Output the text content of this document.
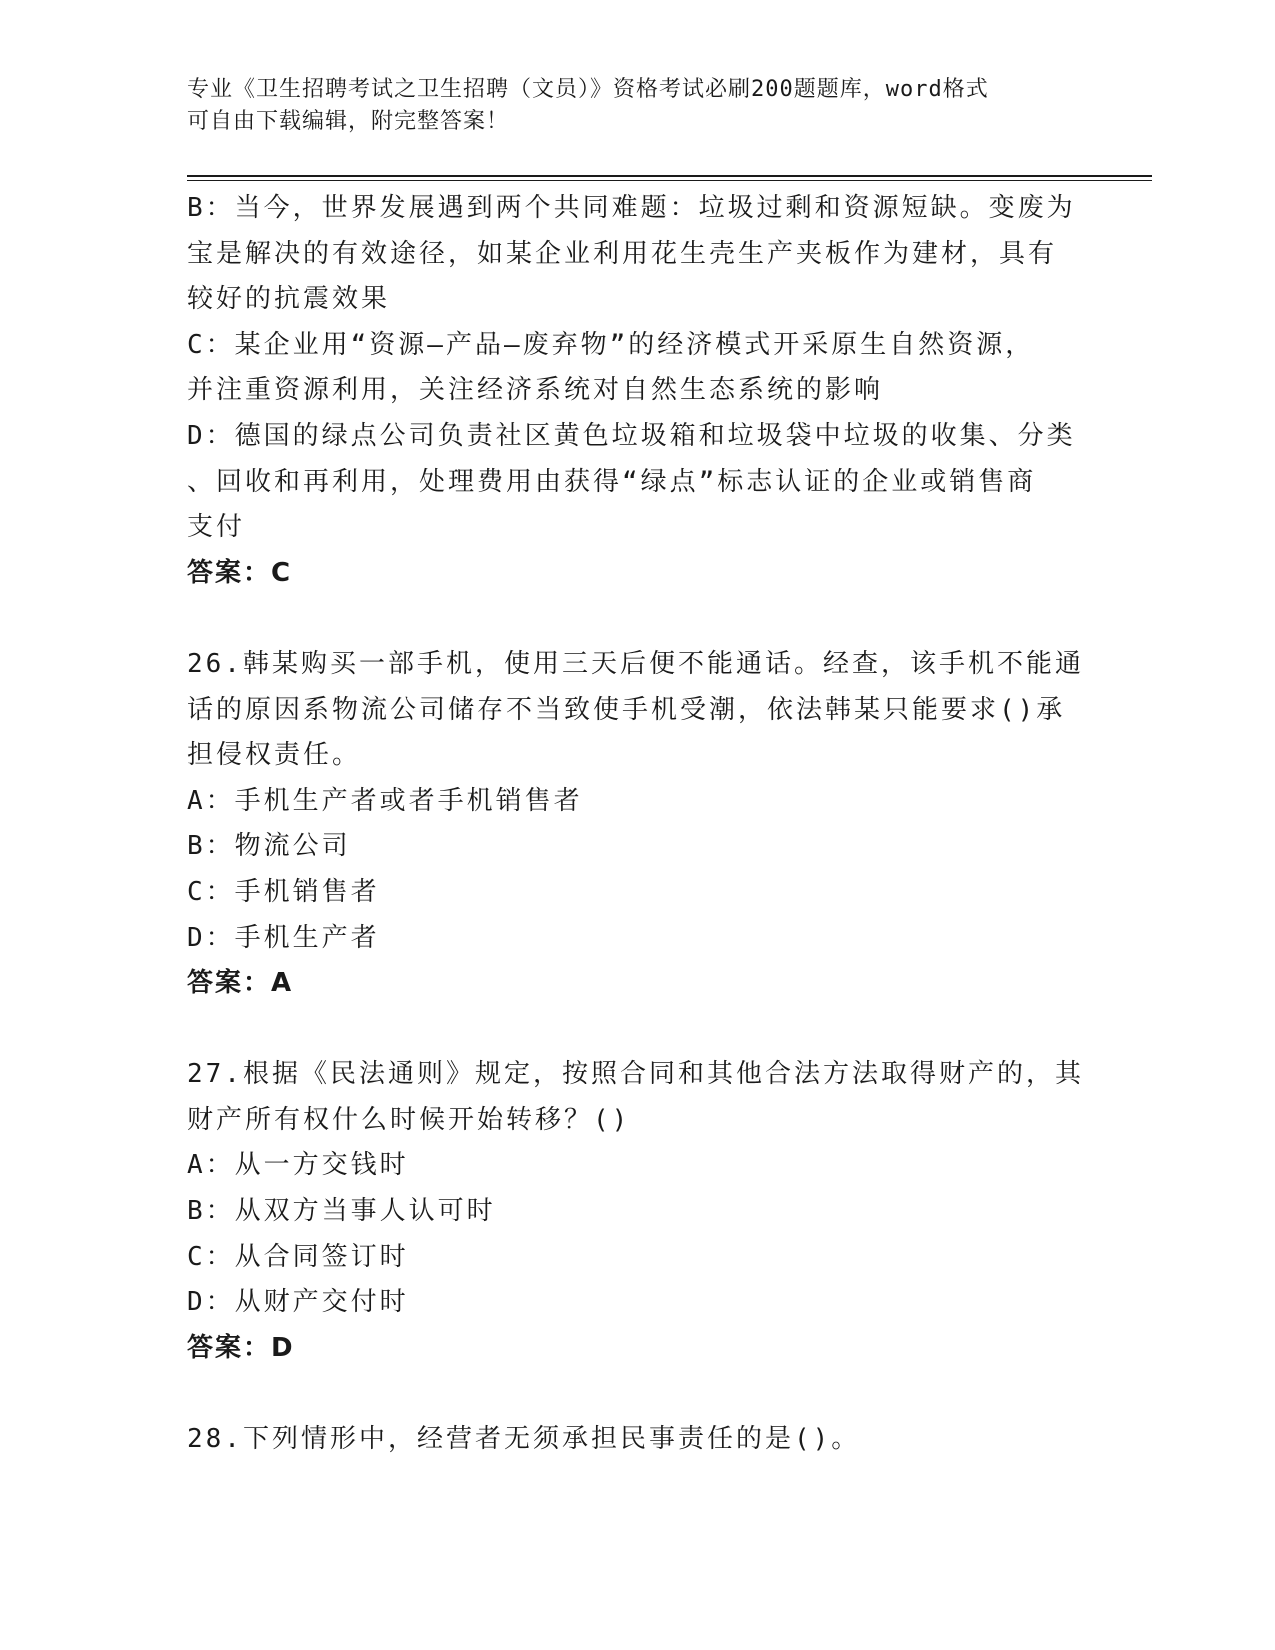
专业《卫生招聘考试之卫生招聘（文员）》资格考试必刷200题题库，word格式
可自由下载编辑，附完整答案！
B：当今，世界发展遇到两个共同难题：垃圾过剩和资源短缺。变废为
宝是解决的有效途径，如某企业利用花生壳生产夹板作为建材，具有
较好的抗震效果
C：某企业用“资源—产品—废弃物”的经济模式开采原生自然资源，
并注重资源利用，关注经济系统对自然生态系统的影响
D：德国的绿点公司负责社区黄色垃圾箱和垃圾袋中垃圾的收集、分类
、回收和再利用，处理费用由获得“绿点”标志认证的企业或销售商
支付
答案：C
26.韩某购买一部手机，使用三天后便不能通话。经查，该手机不能通
话的原因系物流公司储存不当致使手机受潮，依法韩某只能要求()承
担侵权责任。
A：手机生产者或者手机销售者
B：物流公司
C：手机销售者
D：手机生产者
答案：A
27.根据《民法通则》规定，按照合同和其他合法方法取得财产的，其
财产所有权什么时候开始转移？()
A：从一方交钱时
B：从双方当事人认可时
C：从合同签订时
D：从财产交付时
答案：D
28.下列情形中，经营者无须承担民事责任的是()。
